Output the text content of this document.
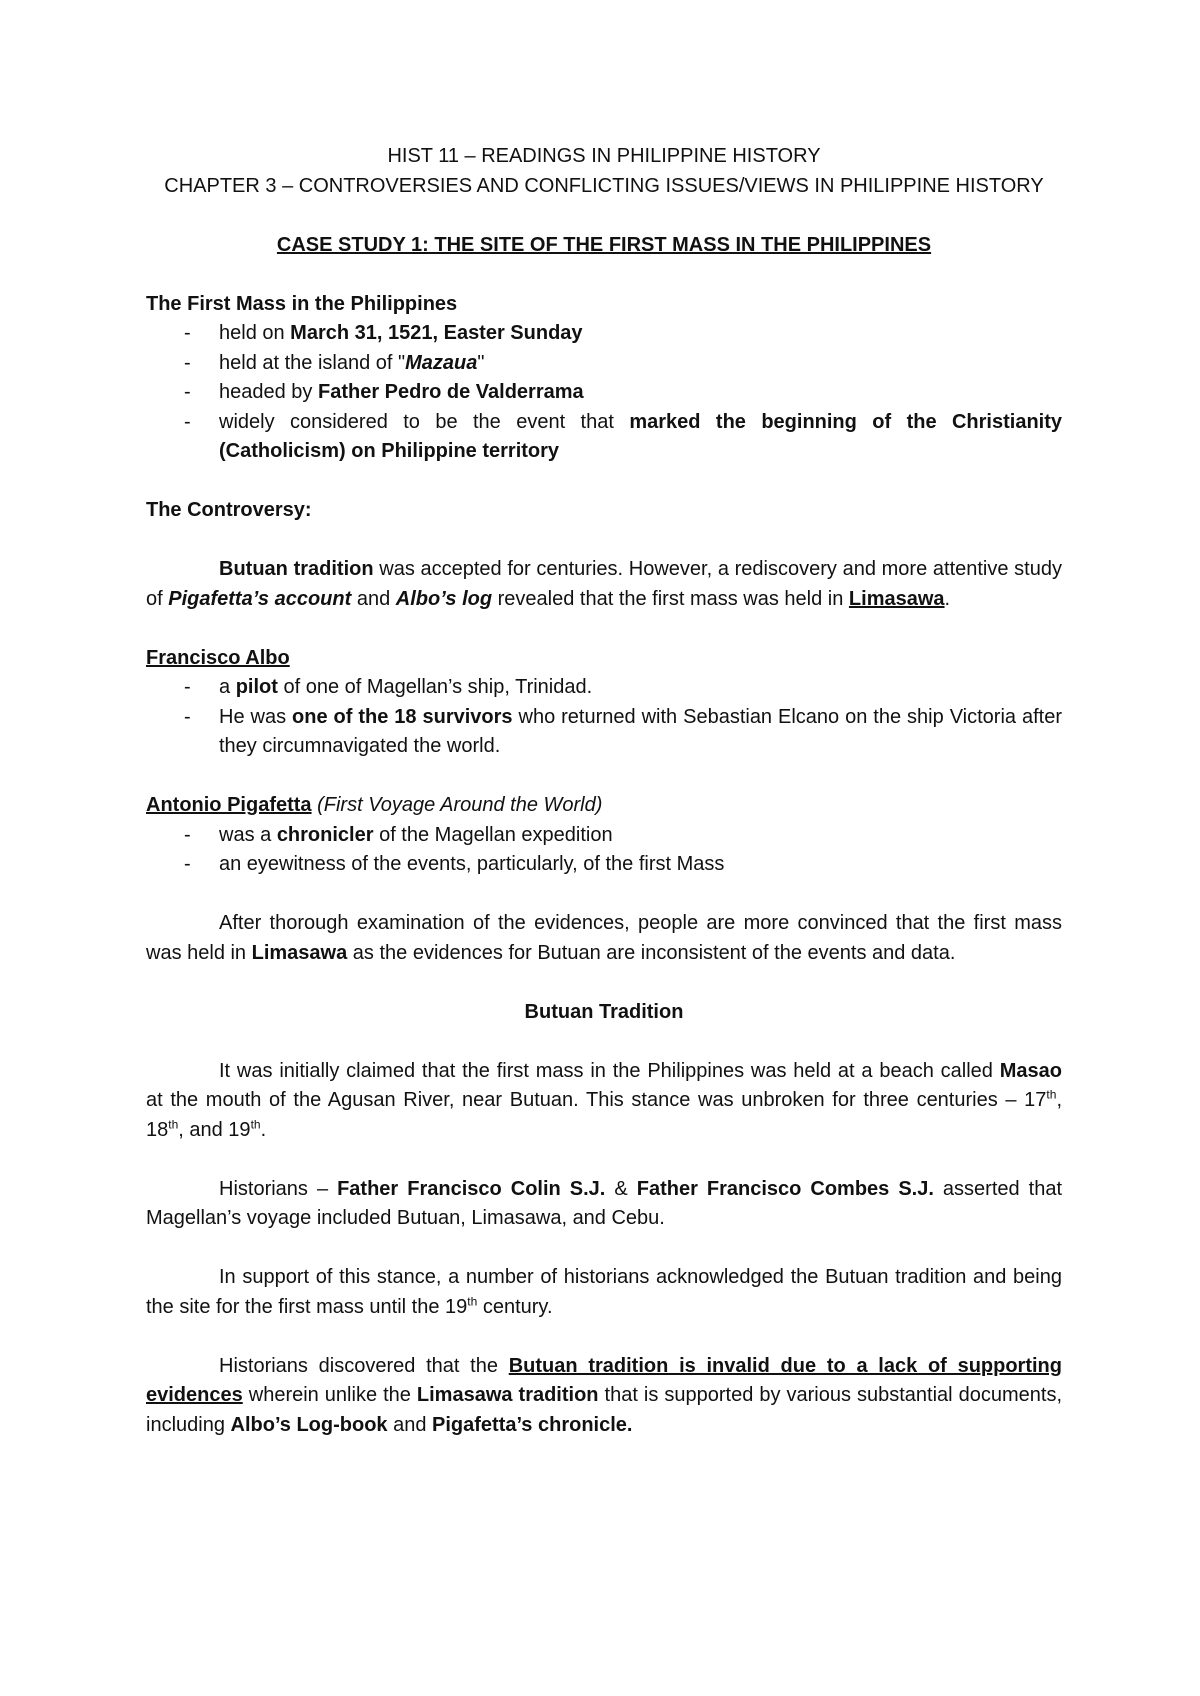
HIST 11 – READINGS IN PHILIPPINE HISTORY
CHAPTER 3 – CONTROVERSIES AND CONFLICTING ISSUES/VIEWS IN PHILIPPINE HISTORY
CASE STUDY 1: THE SITE OF THE FIRST MASS IN THE PHILIPPINES
The First Mass in the Philippines
- held on March 31, 1521, Easter Sunday
- held at the island of "Mazaua"
- headed by Father Pedro de Valderrama
- widely considered to be the event that marked the beginning of the Christianity (Catholicism) on Philippine territory
The Controversy:

Butuan tradition was accepted for centuries. However, a rediscovery and more attentive study of Pigafetta’s account and Albo’s log revealed that the first mass was held in Limasawa.

Francisco Albo
- a pilot of one of Magellan’s ship, Trinidad.
- He was one of the 18 survivors who returned with Sebastian Elcano on the ship Victoria after they circumnavigated the world.
Antonio Pigafetta (First Voyage Around the World)
- was a chronicler of the Magellan expedition
- an eyewitness of the events, particularly, of the first Mass

After thorough examination of the evidences, people are more convinced that the first mass was held in Limasawa as the evidences for Butuan are inconsistent of the events and data.

Butuan Tradition

It was initially claimed that the first mass in the Philippines was held at a beach called Masao at the mouth of the Agusan River, near Butuan. This stance was unbroken for three centuries – 17th, 18th, and 19th.

Historians – Father Francisco Colin S.J. & Father Francisco Combes S.J. asserted that Magellan’s voyage included Butuan, Limasawa, and Cebu.

In support of this stance, a number of historians acknowledged the Butuan tradition and being the site for the first mass until the 19th century.

Historians discovered that the Butuan tradition is invalid due to a lack of supporting evidences wherein unlike the Limasawa tradition that is supported by various substantial documents, including Albo’s Log-book and Pigafetta’s chronicle.
